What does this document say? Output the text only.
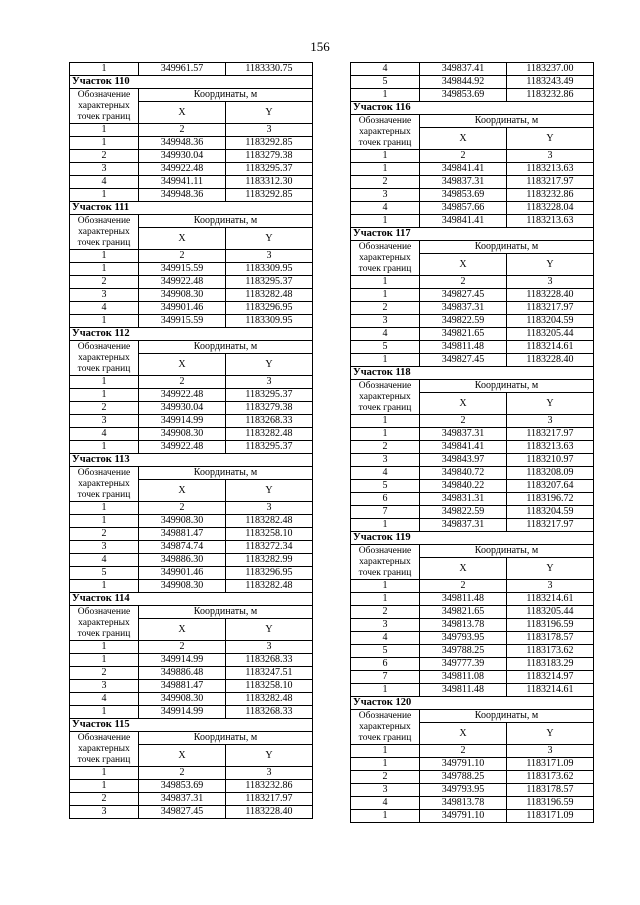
156
1	349961.57	1183330.75
Участок 110		
Обозначение характерных точек границ	Координаты, м	
	X	Y
1	2	3
1	349948.36	1183292.85
2	349930.04	1183279.38
3	349922.48	1183295.37
4	349941.11	1183312.30
1	349948.36	1183292.85
Участок 111		
Обозначение характерных точек границ	Координаты, м	
	X	Y
1	2	3
1	349915.59	1183309.95
2	349922.48	1183295.37
3	349908.30	1183282.48
4	349901.46	1183296.95
1	349915.59	1183309.95
Участок 112		
Обозначение характерных точек границ	Координаты, м	
	X	Y
1	2	3
1	349922.48	1183295.37
2	349930.04	1183279.38
3	349914.99	1183268.33
4	349908.30	1183282.48
1	349922.48	1183295.37
Участок 113		
Обозначение характерных точек границ	Координаты, м	
	X	Y
1	2	3
1	349908.30	1183282.48
2	349881.47	1183258.10
3	349874.74	1183272.34
4	349886.30	1183282.99
5	349901.46	1183296.95
1	349908.30	1183282.48
Участок 114		
Обозначение характерных точек границ	Координаты, м	
	X	Y
1	2	3
1	349914.99	1183268.33
2	349886.48	1183247.51
3	349881.47	1183258.10
4	349908.30	1183282.48
1	349914.99	1183268.33
Участок 115		
Обозначение характерных точек границ	Координаты, м	
	X	Y
1	2	3
1	349853.69	1183232.86
2	349837.31	1183217.97
3	349827.45	1183228.40
4	349837.41	1183237.00
5	349844.92	1183243.49
1	349853.69	1183232.86
Участок 116		
Обозначение характерных точек границ	Координаты, м	
	X	Y
1	2	3
1	349841.41	1183213.63
2	349837.31	1183217.97
3	349853.69	1183232.86
4	349857.66	1183228.04
1	349841.41	1183213.63
Участок 117		
Обозначение характерных точек границ	Координаты, м	
	X	Y
1	2	3
1	349827.45	1183228.40
2	349837.31	1183217.97
3	349822.59	1183204.59
4	349821.65	1183205.44
5	349811.48	1183214.61
1	349827.45	1183228.40
Участок 118		
Обозначение характерных точек границ	Координаты, м	
	X	Y
1	2	3
1	349837.31	1183217.97
2	349841.41	1183213.63
3	349843.97	1183210.97
4	349840.72	1183208.09
5	349840.22	1183207.64
6	349831.31	1183196.72
7	349822.59	1183204.59
1	349837.31	1183217.97
Участок 119		
Обозначение характерных точек границ	Координаты, м	
	X	Y
1	2	3
1	349811.48	1183214.61
2	349821.65	1183205.44
3	349813.78	1183196.59
4	349793.95	1183178.57
5	349788.25	1183173.62
6	349777.39	1183183.29
7	349811.08	1183214.97
1	349811.48	1183214.61
Участок 120		
Обозначение характерных точек границ	Координаты, м	
	X	Y
1	2	3
1	349791.10	1183171.09
2	349788.25	1183173.62
3	349793.95	1183178.57
4	349813.78	1183196.59
1	349791.10	1183171.09
